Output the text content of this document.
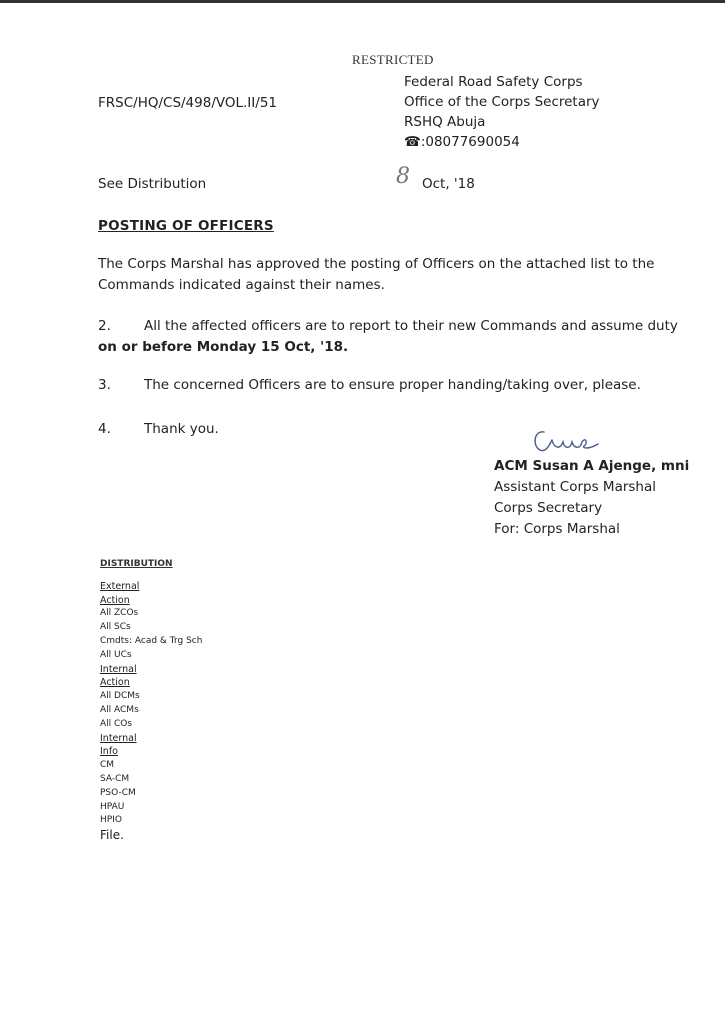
RESTRICTED
Federal Road Safety Corps
Office of the Corps Secretary
RSHQ Abuja
☎:08077690054
FRSC/HQ/CS/498/VOL.II/51
See Distribution	8 Oct, '18
POSTING OF OFFICERS
The Corps Marshal has approved the posting of Officers on the attached list to the Commands indicated against their names.
2. All the affected officers are to report to their new Commands and assume duty
on or before Monday 15 Oct, '18.
3. The concerned Officers are to ensure proper handing/taking over, please.
4. Thank you.
ACM Susan A Ajenge, mni
Assistant Corps Marshal
Corps Secretary
For: Corps Marshal
DISTRIBUTION
External
Action
All ZCOs
All SCs
Cmdts: Acad & Trg Sch
All UCs
Internal
Action
All DCMs
All ACMs
All COs
Internal
Info
CM
SA-CM
PSO-CM
HPAU
HPIO
File.
